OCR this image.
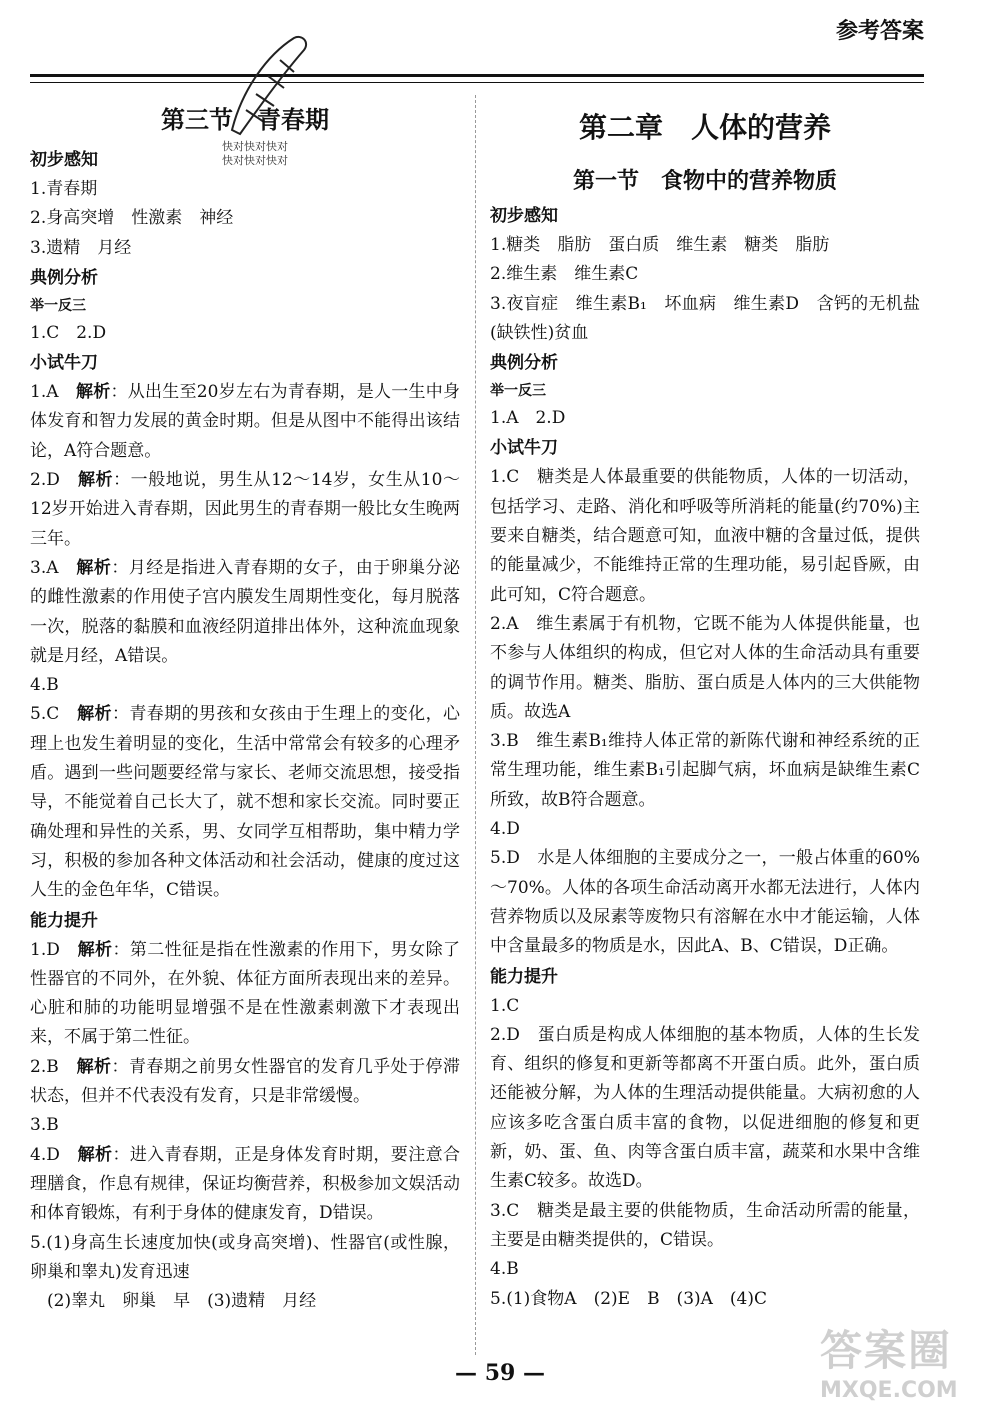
参考答案
快对快对快对
快对快对快对
第三节　青春期
初步感知
1.青春期
2.身高突增　性激素　神经
3.遗精　月经
典例分析
举一反三
1.C　2.D
小试牛刀
1.A　解析：从出生至20岁左右为青春期，是人一生中身体发育和智力发展的黄金时期。但是从图中不能得出该结论，A符合题意。
2.D　解析：一般地说，男生从12～14岁，女生从10～12岁开始进入青春期，因此男生的青春期一般比女生晚两三年。
3.A　解析：月经是指进入青春期的女子，由于卵巢分泌的雌性激素的作用使子宫内膜发生周期性变化，每月脱落一次，脱落的黏膜和血液经阴道排出体外，这种流血现象就是月经，A错误。
4.B
5.C　解析：青春期的男孩和女孩由于生理上的变化，心理上也发生着明显的变化，生活中常常会有较多的心理矛盾。遇到一些问题要经常与家长、老师交流思想，接受指导，不能觉着自己长大了，就不想和家长交流。同时要正确处理和异性的关系，男、女同学互相帮助，集中精力学习，积极的参加各种文体活动和社会活动，健康的度过这人生的金色年华，C错误。
能力提升
1.D　解析：第二性征是指在性激素的作用下，男女除了性器官的不同外，在外貌、体征方面所表现出来的差异。心脏和肺的功能明显增强不是在性激素刺激下才表现出来，不属于第二性征。
2.B　解析：青春期之前男女性器官的发育几乎处于停滞状态，但并不代表没有发育，只是非常缓慢。
3.B
4.D　解析：进入青春期，正是身体发育时期，要注意合理膳食，作息有规律，保证均衡营养，积极参加文娱活动和体育锻炼，有利于身体的健康发育，D错误。
5.(1)身高生长速度加快(或身高突增)、性器官(或性腺，卵巢和睾丸)发育迅速
　(2)睾丸　卵巢　早　(3)遗精　月经
第二章　人体的营养
第一节　食物中的营养物质
初步感知
1.糖类　脂肪　蛋白质　维生素　糖类　脂肪
2.维生素　维生素C
3.夜盲症　维生素B₁　坏血病　维生素D　含钙的无机盐　(缺铁性)贫血
典例分析
举一反三
1.A　2.D
小试牛刀
1.C　糖类是人体最重要的供能物质，人体的一切活动，包括学习、走路、消化和呼吸等所消耗的能量(约70%)主要来自糖类，结合题意可知，血液中糖的含量过低，提供的能量减少，不能维持正常的生理功能，易引起昏厥，由此可知，C符合题意。
2.A　维生素属于有机物，它既不能为人体提供能量，也不参与人体组织的构成，但它对人体的生命活动具有重要的调节作用。糖类、脂肪、蛋白质是人体内的三大供能物质。故选A
3.B　维生素B₁维持人体正常的新陈代谢和神经系统的正常生理功能，维生素B₁引起脚气病，坏血病是缺维生素C所致，故B符合题意。
4.D
5.D　水是人体细胞的主要成分之一，一般占体重的60%～70%。人体的各项生命活动离开水都无法进行，人体内营养物质以及尿素等废物只有溶解在水中才能运输，人体中含量最多的物质是水，因此A、B、C错误，D正确。
能力提升
1.C
2.D　蛋白质是构成人体细胞的基本物质，人体的生长发育、组织的修复和更新等都离不开蛋白质。此外，蛋白质还能被分解，为人体的生理活动提供能量。大病初愈的人应该多吃含蛋白质丰富的食物，以促进细胞的修复和更新，奶、蛋、鱼、肉等含蛋白质丰富，蔬菜和水果中含维生素C较多。故选D。
3.C　糖类是最主要的供能物质，生命活动所需的能量，主要是由糖类提供的，C错误。
4.B
5.(1)食物A　(2)E　B　(3)A　(4)C
— 59 —	答案圈
MXQE.COM
